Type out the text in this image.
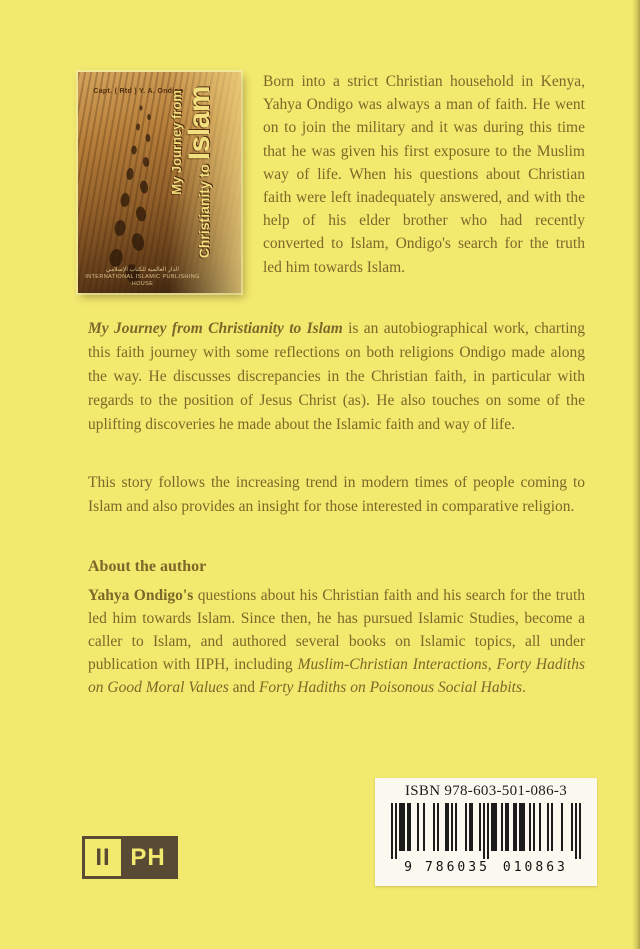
Capt. ( Rtd ) Y. A. Ondigo
My Journey from
Christianity to Islam
الدار العالمية للكتاب الإسلامي
INTERNATIONAL ISLAMIC PUBLISHING HOUSE
Born into a strict Christian household in Kenya, Yahya Ondigo was always a man of faith. He went on to join the military and it was during this time that he was given his first exposure to the Muslim way of life. When his questions about Christian faith were left inadequately answered, and with the help of his elder brother who had recently converted to Islam, Ondigo's search for the truth led him towards Islam.
My Journey from Christianity to Islam is an autobiographical work, charting this faith journey with some reflections on both religions Ondigo made along the way. He discusses discrepancies in the Christian faith, in particular with regards to the position of Jesus Christ (as). He also touches on some of the uplifting discoveries he made about the Islamic faith and way of life.
This story follows the increasing trend in modern times of people coming to Islam and also provides an insight for those interested in comparative religion.
About the author
Yahya Ondigo's questions about his Christian faith and his search for the truth led him towards Islam. Since then, he has pursued Islamic Studies, become a caller to Islam, and authored several books on Islamic topics, all under publication with IIPH, including Muslim-Christian Interactions, Forty Hadiths on Good Moral Values and Forty Hadiths on Poisonous Social Habits.
ISBN 978-603-501-086-3
9 786035 010863
II PH
